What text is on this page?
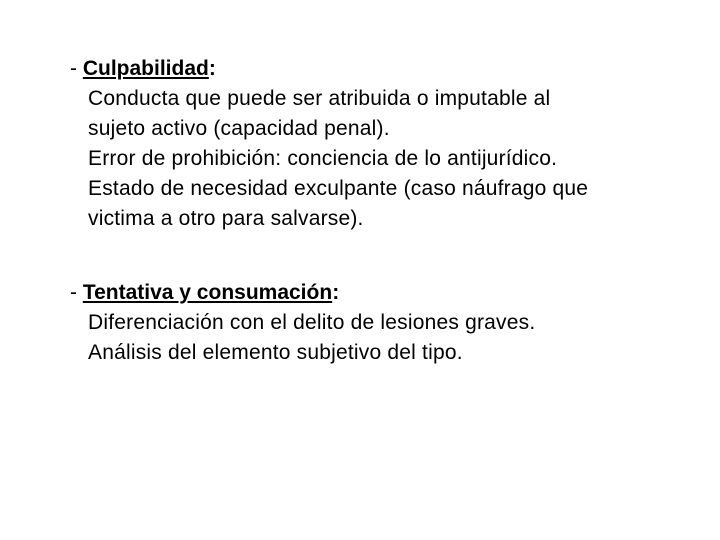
- Culpabilidad:
Conducta que puede ser atribuida o imputable al
sujeto activo (capacidad penal).
Error de prohibición: conciencia de lo antijurídico.
Estado de necesidad exculpante (caso náufrago que
victima a otro para salvarse).
- Tentativa y consumación:
Diferenciación con el delito de lesiones graves.
Análisis del elemento subjetivo del tipo.
